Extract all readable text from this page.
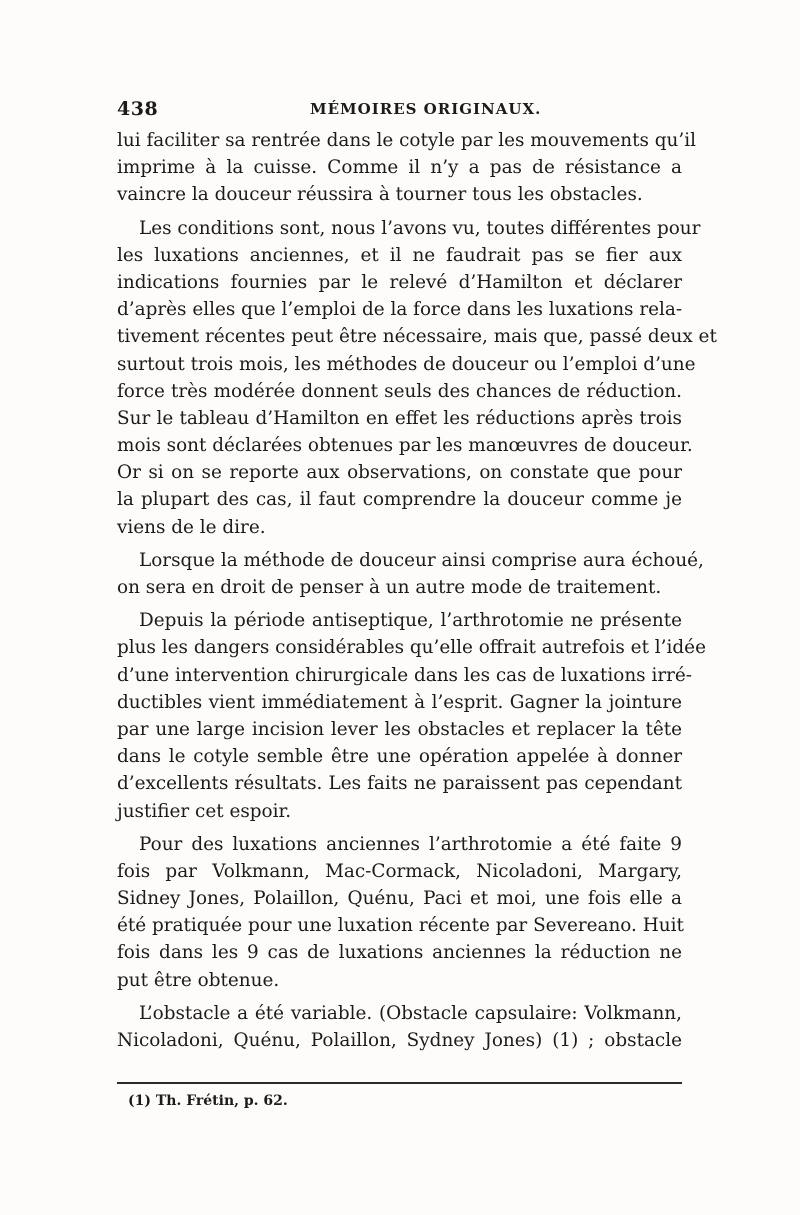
438	MÉMOIRES ORIGINAUX.
lui faciliter sa rentrée dans le cotyle par les mouvements qu’il
imprime à la cuisse. Comme il n’y a pas de résistance a
vaincre la douceur réussira à tourner tous les obstacles.
Les conditions sont, nous l’avons vu, toutes différentes pour
les luxations anciennes, et il ne faudrait pas se fier aux
indications fournies par le relevé d’Hamilton et déclarer
d’après elles que l’emploi de la force dans les luxations rela-
tivement récentes peut être nécessaire, mais que, passé deux et
surtout trois mois, les méthodes de douceur ou l’emploi d’une
force très modérée donnent seuls des chances de réduction.
Sur le tableau d’Hamilton en effet les réductions après trois
mois sont déclarées obtenues par les manœuvres de douceur.
Or si on se reporte aux observations, on constate que pour
la plupart des cas, il faut comprendre la douceur comme je
viens de le dire.
Lorsque la méthode de douceur ainsi comprise aura échoué,
on sera en droit de penser à un autre mode de traitement.
Depuis la période antiseptique, l’arthrotomie ne présente
plus les dangers considérables qu’elle offrait autrefois et l’idée
d’une intervention chirurgicale dans les cas de luxations irré-
ductibles vient immédiatement à l’esprit. Gagner la jointure
par une large incision lever les obstacles et replacer la tête
dans le cotyle semble être une opération appelée à donner
d’excellents résultats. Les faits ne paraissent pas cependant
justifier cet espoir.
Pour des luxations anciennes l’arthrotomie a été faite 9
fois par Volkmann, Mac-Cormack, Nicoladoni, Margary,
Sidney Jones, Polaillon, Quénu, Paci et moi, une fois elle a
été pratiquée pour une luxation récente par Severeano. Huit
fois dans les 9 cas de luxations anciennes la réduction ne
put être obtenue.
L’obstacle a été variable. (Obstacle capsulaire: Volkmann,
Nicoladoni, Quénu, Polaillon, Sydney Jones) (1) ; obstacle
(1) Th. Frétin, p. 62.
